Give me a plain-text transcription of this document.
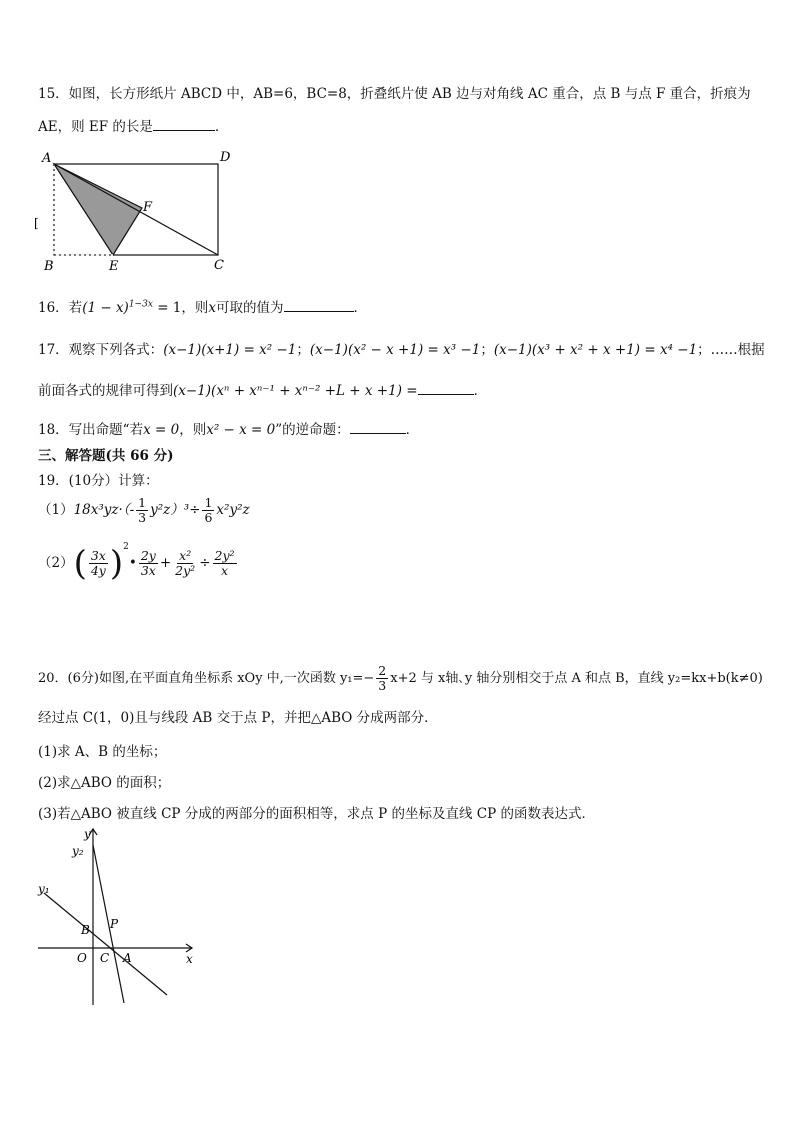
15．如图，长方形纸片 ABCD 中，AB=6，BC=8，折叠纸片使 AB 边与对角线 AC 重合，点 B 与点 F 重合，折痕为
AE，则 EF 的长是	．
A	D
B	E	C
F
[
16．若$(1 - x)^{1-3x} = 1$，则x可取的值为	．
17．观察下列各式：(x−1)(x+1) = x² −1；(x−1)(x² − x +1) = x³ −1；(x−1)(x³ + x² + x +1) = x⁴ −1；……根据
前面各式的规律可得到(x−1)(xⁿ + xⁿ⁻¹ + xⁿ⁻² +L + x +1) =	．
18．写出命题“若x = 0，则x² − x = 0”的逆命题：	．
三、解答题(共 66 分)
19．(10分）计算：
$(1)18x^3yz\cdot(- \frac{1}{3} y^2z)^3\div \frac{1}{6} x^2y^2z$
$(2)( \frac{3x}{4y}$ )$^2• \frac{2y}{3x} + \frac{\text{x²}}{\text{2y²}} \div \frac{\text{2y²}}{x}$
20．(6分)如图,在平面直角坐标系 xOy 中,一次函数 $y_1=- \frac{2}{3} x+2$ 与 x轴､y 轴分别相交于点 A 和点 B，直线 y₂=kx+b(k≠0)
经过点 C(1，0)且与线段 AB 交于点 P，并把△ABO 分成两部分．
(1)求 A、B 的坐标；
(2)求△ABO 的面积；
(3)若△ABO 被直线 CP 分成的两部分的面积相等，求点 P 的坐标及直线 CP 的函数表达式．
y
x
y₂
y₁
B P
O C A
